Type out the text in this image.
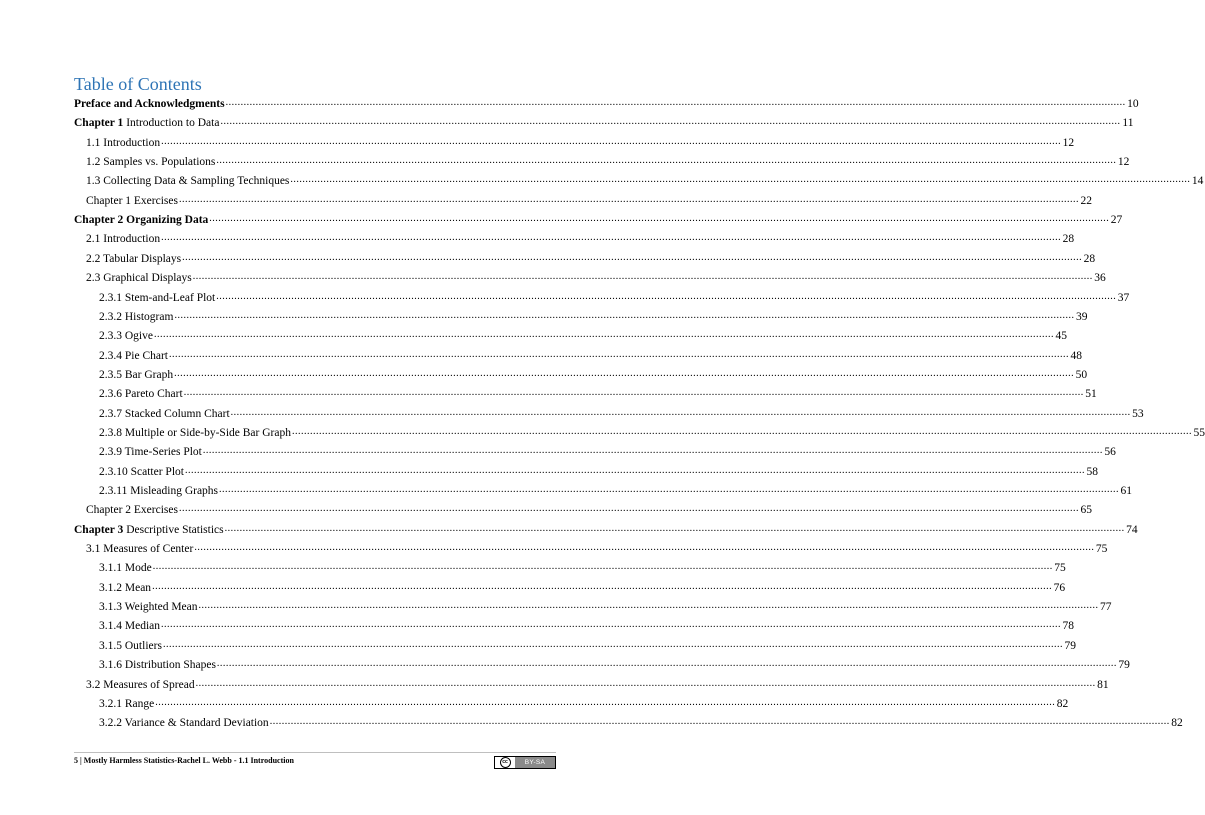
Table of Contents
Preface and Acknowledgments ............................................................................................................................................................................................................................................................................................................ 10
Chapter 1 Introduction to Data ............................................................................................................................................................................................................................................................................................................ 11
1.1 Introduction ............................................................................................................................................................................................................................................................................................................ 12
1.2 Samples vs. Populations ............................................................................................................................................................................................................................................................................................................ 12
1.3 Collecting Data & Sampling Techniques ............................................................................................................................................................................................................................................................................................................ 14
Chapter 1 Exercises ............................................................................................................................................................................................................................................................................................................ 22
Chapter 2 Organizing Data ............................................................................................................................................................................................................................................................................................................ 27
2.1 Introduction ............................................................................................................................................................................................................................................................................................................ 28
2.2 Tabular Displays ............................................................................................................................................................................................................................................................................................................ 28
2.3 Graphical Displays ............................................................................................................................................................................................................................................................................................................ 36
2.3.1 Stem-and-Leaf Plot ............................................................................................................................................................................................................................................................................................................ 37
2.3.2 Histogram ............................................................................................................................................................................................................................................................................................................ 39
2.3.3 Ogive ............................................................................................................................................................................................................................................................................................................ 45
2.3.4 Pie Chart ............................................................................................................................................................................................................................................................................................................ 48
2.3.5 Bar Graph ............................................................................................................................................................................................................................................................................................................ 50
2.3.6 Pareto Chart ............................................................................................................................................................................................................................................................................................................ 51
2.3.7 Stacked Column Chart ............................................................................................................................................................................................................................................................................................................ 53
2.3.8 Multiple or Side-by-Side Bar Graph ............................................................................................................................................................................................................................................................................................................ 55
2.3.9 Time-Series Plot ............................................................................................................................................................................................................................................................................................................ 56
2.3.10 Scatter Plot ............................................................................................................................................................................................................................................................................................................ 58
2.3.11 Misleading Graphs ............................................................................................................................................................................................................................................................................................................ 61
Chapter 2 Exercises ............................................................................................................................................................................................................................................................................................................ 65
Chapter 3 Descriptive Statistics ............................................................................................................................................................................................................................................................................................................ 74
3.1 Measures of Center ............................................................................................................................................................................................................................................................................................................ 75
3.1.1 Mode ............................................................................................................................................................................................................................................................................................................ 75
3.1.2 Mean ............................................................................................................................................................................................................................................................................................................ 76
3.1.3 Weighted Mean ............................................................................................................................................................................................................................................................................................................ 77
3.1.4 Median ............................................................................................................................................................................................................................................................................................................ 78
3.1.5 Outliers ............................................................................................................................................................................................................................................................................................................ 79
3.1.6 Distribution Shapes ............................................................................................................................................................................................................................................................................................................ 79
3.2 Measures of Spread ............................................................................................................................................................................................................................................................................................................ 81
3.2.1 Range ............................................................................................................................................................................................................................................................................................................ 82
3.2.2 Variance & Standard Deviation ............................................................................................................................................................................................................................................................................................................ 82
5 | Mostly Harmless Statistics-Rachel L. Webb - 1.1 Introduction	cc	BY-SA
